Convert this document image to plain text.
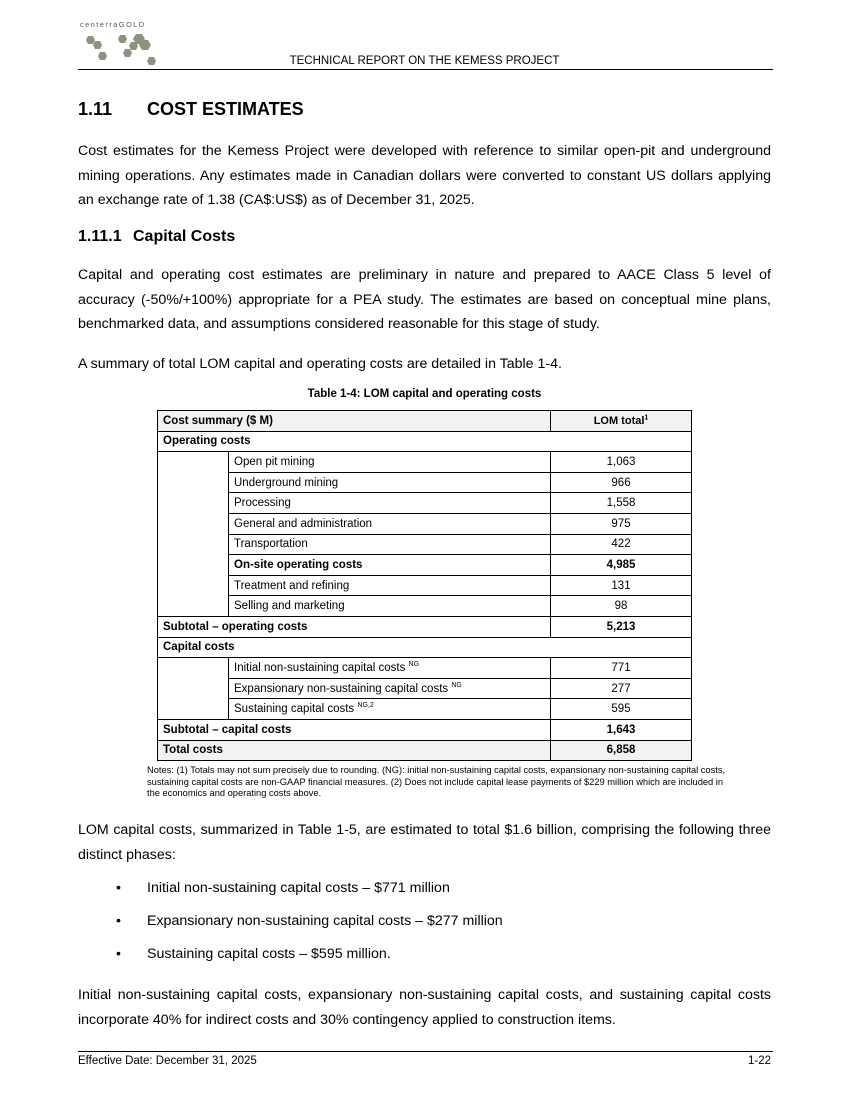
centerraGOLD
TECHNICAL REPORT ON THE KEMESS PROJECT
1.11 COST ESTIMATES
Cost estimates for the Kemess Project were developed with reference to similar open-pit and underground mining operations. Any estimates made in Canadian dollars were converted to constant US dollars applying an exchange rate of 1.38 (CA$:US$) as of December 31, 2025.
1.11.1 Capital Costs
Capital and operating cost estimates are preliminary in nature and prepared to AACE Class 5 level of accuracy (-50%/+100%) appropriate for a PEA study. The estimates are based on conceptual mine plans, benchmarked data, and assumptions considered reasonable for this stage of study.
A summary of total LOM capital and operating costs are detailed in Table 1-4.
Table 1-4: LOM capital and operating costs
Cost summary ($ M)		LOM total$^1$
Operating costs		
	Open pit mining	1,063
	Underground mining	966
	Processing	1,558
	General and administration	975
	Transportation	422
	On-site operating costs	4,985
	Treatment and refining	131
	Selling and marketing	98
Subtotal – operating costs		5,213
Capital costs		
	Initial non-sustaining capital costs $^{NG}$	771
	Expansionary non-sustaining capital costs $^{NG}$	277
	Sustaining capital costs $^{NG,2}$	595
Subtotal – capital costs		1,643
Total costs		6,858
Notes: (1) Totals may not sum precisely due to rounding. (NG): initial non-sustaining capital costs, expansionary non-sustaining capital costs, sustaining capital costs are non-GAAP financial measures. (2) Does not include capital lease payments of $229 million which are included in the economics and operating costs above.
LOM capital costs, summarized in Table 1-5, are estimated to total $1.6 billion, comprising the following three distinct phases:
• Initial non-sustaining capital costs – $771 million
• Expansionary non-sustaining capital costs – $277 million
• Sustaining capital costs – $595 million.
Initial non-sustaining capital costs, expansionary non-sustaining capital costs, and sustaining capital costs incorporate 40% for indirect costs and 30% contingency applied to construction items.
Effective Date: December 31, 2025	1-22
